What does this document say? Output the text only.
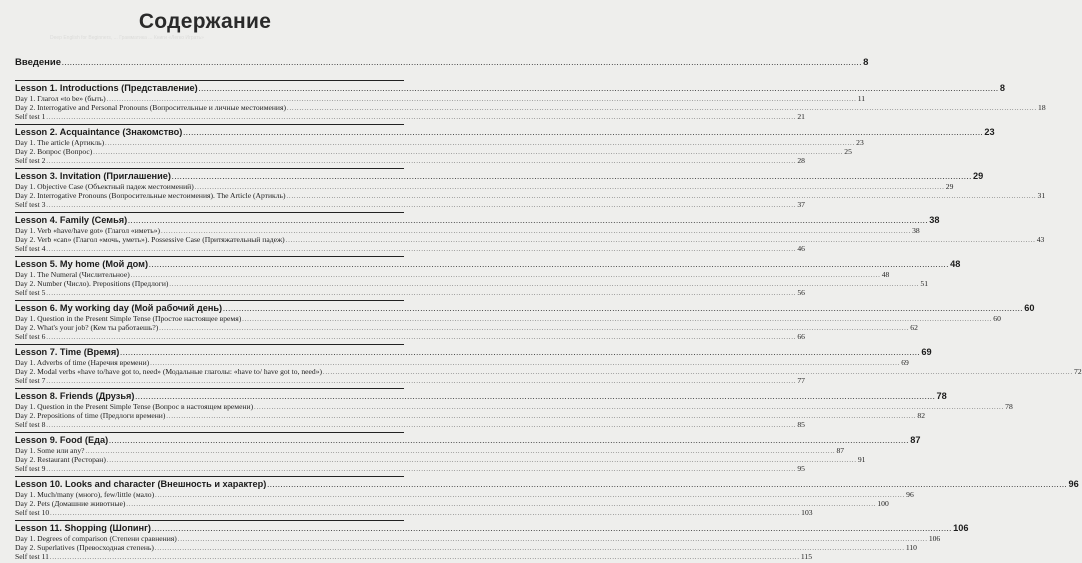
Содержание
Deep English for Beginners, ... Грамматика ... Книги «Легко Играть»
Введение ............................................................................................................................................................................................................................................................................................................ 8
Lesson 1. Introductions (Представление) ............................................................................................................................................................................................................................................................................................................ 8
Day 1. Глагол «to be» (быть) ............................................................................................................................................................................................................................................................................................................ 11
Day 2. Interrogative and Personal Pronouns (Вопросительные и личные местоимения) ............................................................................................................................................................................................................................................................................................................ 18
Self test 1 ............................................................................................................................................................................................................................................................................................................ 21
Lesson 2. Acquaintance (Знакомство) ............................................................................................................................................................................................................................................................................................................ 23
Day 1. The article (Артикль) ............................................................................................................................................................................................................................................................................................................ 23
Day 2. Вопрос (Вопрос) ............................................................................................................................................................................................................................................................................................................ 25
Self test 2 ............................................................................................................................................................................................................................................................................................................ 28
Lesson 3. Invitation (Приглашение) ............................................................................................................................................................................................................................................................................................................ 29
Day 1. Objective Case (Объектный падеж местоимений) ............................................................................................................................................................................................................................................................................................................ 29
Day 2. Interrogative Pronouns (Вопросительные местоимения). The Article (Артикль) ............................................................................................................................................................................................................................................................................................................ 31
Self test 3 ............................................................................................................................................................................................................................................................................................................ 37
Lesson 4. Family (Семья) ............................................................................................................................................................................................................................................................................................................ 38
Day 1. Verb «have/have got» (Глагол «иметь») ............................................................................................................................................................................................................................................................................................................ 38
Day 2. Verb «can» (Глагол «мочь, уметь»). Possessive Case (Притяжательный падеж) ............................................................................................................................................................................................................................................................................................................ 43
Self test 4 ............................................................................................................................................................................................................................................................................................................ 46
Lesson 5. My home (Мой дом) ............................................................................................................................................................................................................................................................................................................ 48
Day 1. The Numeral (Числительное) ............................................................................................................................................................................................................................................................................................................ 48
Day 2. Number (Число). Prepositions (Предлоги) ............................................................................................................................................................................................................................................................................................................ 51
Self test 5 ............................................................................................................................................................................................................................................................................................................ 56
Lesson 6. My working day (Мой рабочий день) ............................................................................................................................................................................................................................................................................................................ 60
Day 1. Question in the Present Simple Tense (Простое настоящее время) ............................................................................................................................................................................................................................................................................................................ 60
Day 2. What's your job? (Кем ты работаешь?) ............................................................................................................................................................................................................................................................................................................ 62
Self test 6 ............................................................................................................................................................................................................................................................................................................ 66
Lesson 7. Time (Время) ............................................................................................................................................................................................................................................................................................................ 69
Day 1. Adverbs of time (Наречия времени) ............................................................................................................................................................................................................................................................................................................ 69
Day 2. Modal verbs «have to/have got to, need» (Модальные глаголы: «have to/ have got to, need») ............................................................................................................................................................................................................................................................................................................ 72
Self test 7 ............................................................................................................................................................................................................................................................................................................ 77
Lesson 8. Friends (Друзья) ............................................................................................................................................................................................................................................................................................................ 78
Day 1. Question in the Present Simple Tense (Вопрос в настоящем времени) ............................................................................................................................................................................................................................................................................................................ 78
Day 2. Prepositions of time (Предлоги времени) ............................................................................................................................................................................................................................................................................................................ 82
Self test 8 ............................................................................................................................................................................................................................................................................................................ 85
Lesson 9. Food (Еда) ............................................................................................................................................................................................................................................................................................................ 87
Day 1. Some или any? ............................................................................................................................................................................................................................................................................................................ 87
Day 2. Restaurant (Ресторан) ............................................................................................................................................................................................................................................................................................................ 91
Self test 9 ............................................................................................................................................................................................................................................................................................................ 95
Lesson 10. Looks and character (Внешность и характер) ............................................................................................................................................................................................................................................................................................................ 96
Day 1. Much/many (много), few/little (мало) ............................................................................................................................................................................................................................................................................................................ 96
Day 2. Pets (Домашние животные) ............................................................................................................................................................................................................................................................................................................ 100
Self test 10 ............................................................................................................................................................................................................................................................................................................ 103
Lesson 11. Shopping (Шопинг) ............................................................................................................................................................................................................................................................................................................ 106
Day 1. Degrees of comparison (Степени сравнения) ............................................................................................................................................................................................................................................................................................................ 106
Day 2. Superlatives (Превосходная степень) ............................................................................................................................................................................................................................................................................................................ 110
Self test 11 ............................................................................................................................................................................................................................................................................................................ 115
